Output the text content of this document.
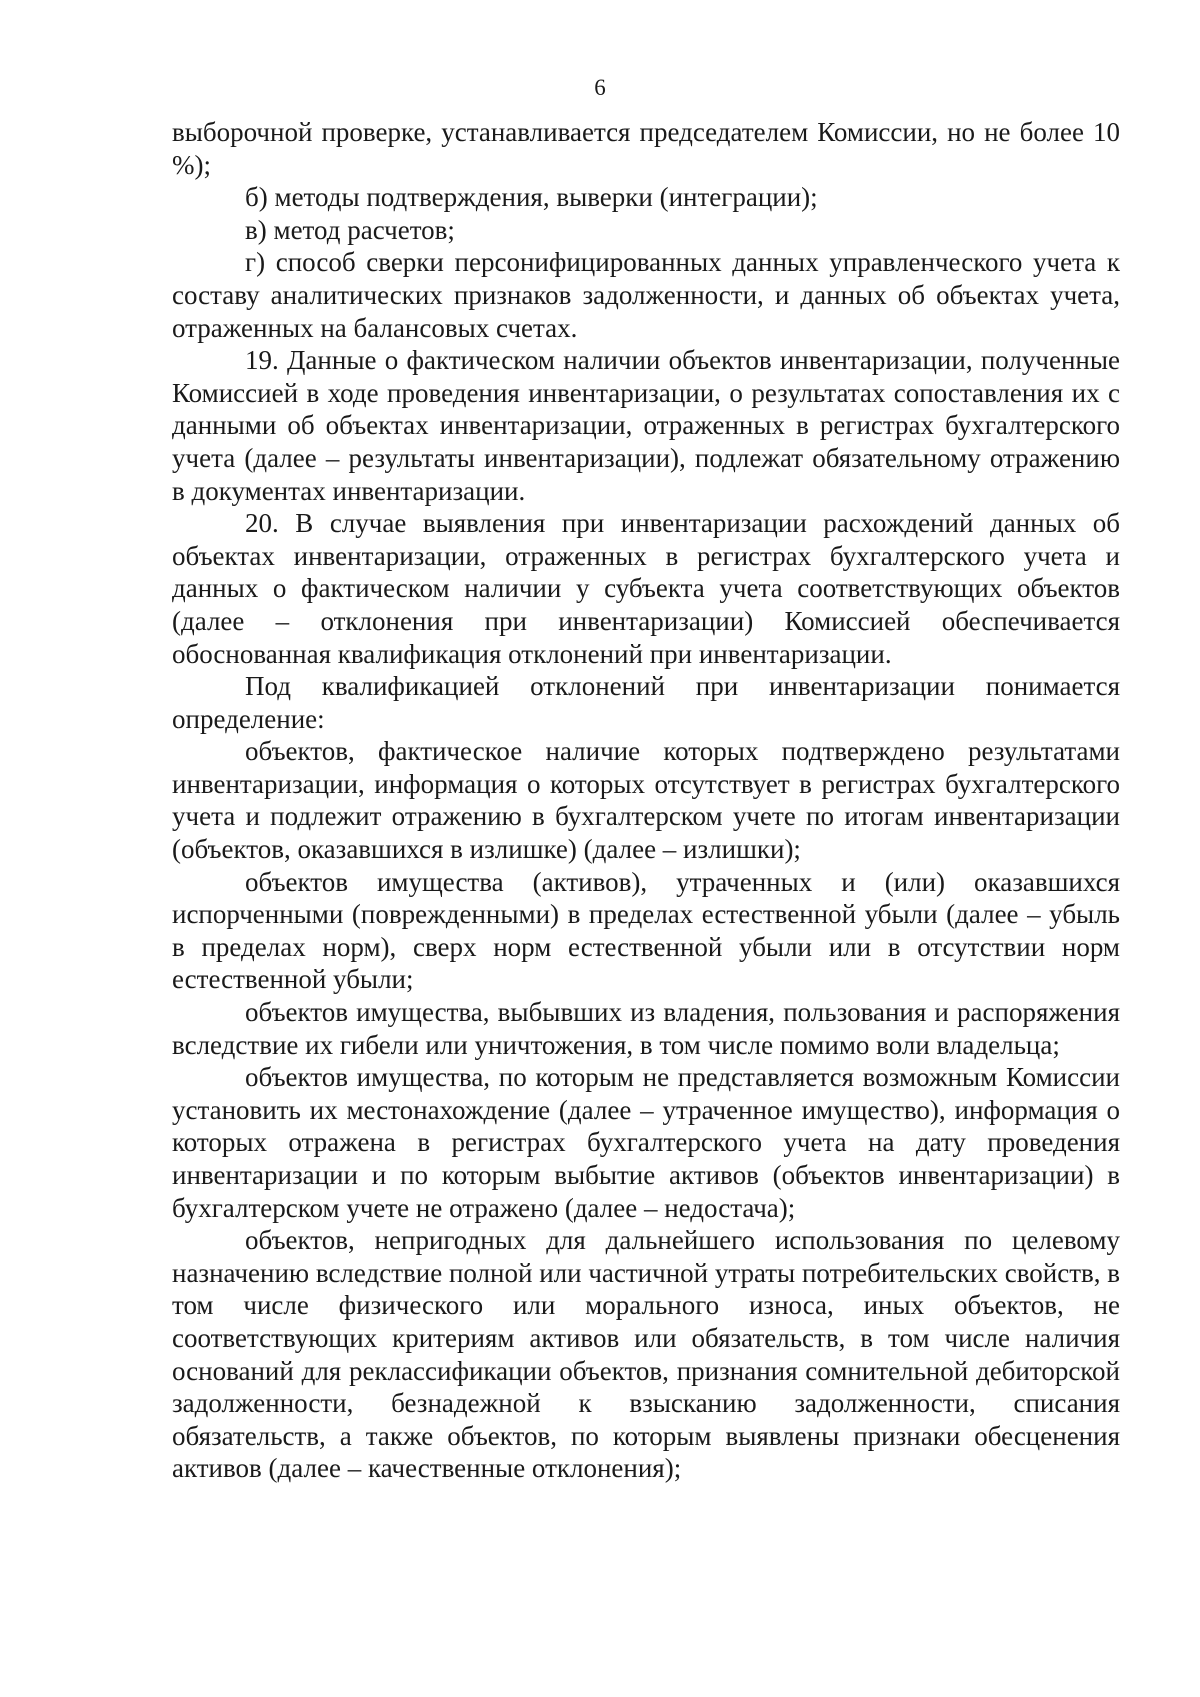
6

выборочной проверке, устанавливается председателем Комиссии, но не более 10 %);

б) методы подтверждения, выверки (интеграции);

в) метод расчетов;

г) способ сверки персонифицированных данных управленческого учета к составу аналитических признаков задолженности, и данных об объектах учета, отраженных на балансовых счетах.

19. Данные о фактическом наличии объектов инвентаризации, полученные Комиссией в ходе проведения инвентаризации, о результатах сопоставления их с данными об объектах инвентаризации, отраженных в регистрах бухгалтерского учета (далее – результаты инвентаризации), подлежат обязательному отражению в документах инвентаризации.

20. В случае выявления при инвентаризации расхождений данных об объектах инвентаризации, отраженных в регистрах бухгалтерского учета и данных о фактическом наличии у субъекта учета соответствующих объектов (далее – отклонения при инвентаризации) Комиссией обеспечивается обоснованная квалификация отклонений при инвентаризации.

Под квалификацией отклонений при инвентаризации понимается определение:

объектов, фактическое наличие которых подтверждено результатами инвентаризации, информация о которых отсутствует в регистрах бухгалтерского учета и подлежит отражению в бухгалтерском учете по итогам инвентаризации (объектов, оказавшихся в излишке) (далее – излишки);

объектов имущества (активов), утраченных и (или) оказавшихся испорченными (поврежденными) в пределах естественной убыли (далее – убыль в пределах норм), сверх норм естественной убыли или в отсутствии норм естественной убыли;

объектов имущества, выбывших из владения, пользования и распоряжения вследствие их гибели или уничтожения, в том числе помимо воли владельца;

объектов имущества, по которым не представляется возможным Комиссии установить их местонахождение (далее – утраченное имущество), информация о которых отражена в регистрах бухгалтерского учета на дату проведения инвентаризации и по которым выбытие активов (объектов инвентаризации) в бухгалтерском учете не отражено (далее – недостача);

объектов, непригодных для дальнейшего использования по целевому назначению вследствие полной или частичной утраты потребительских свойств, в том числе физического или морального износа, иных объектов, не соответствующих критериям активов или обязательств, в том числе наличия оснований для реклассификации объектов, признания сомнительной дебиторской задолженности, безнадежной к взысканию задолженности, списания обязательств, а также объектов, по которым выявлены признаки обесценения активов (далее – качественные отклонения);
